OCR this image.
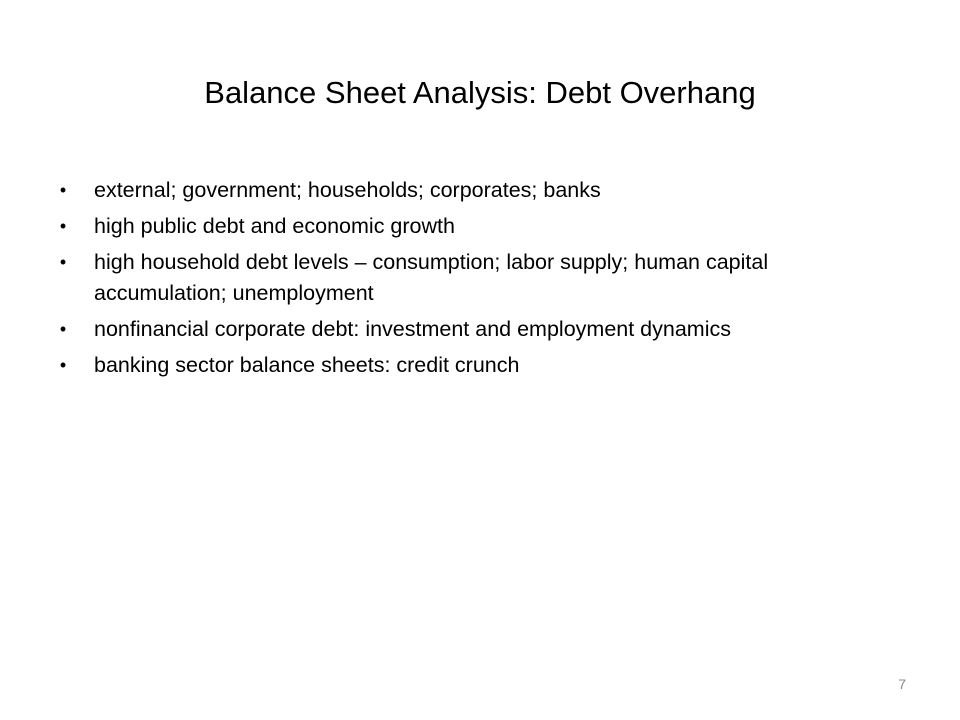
Balance Sheet Analysis: Debt Overhang
• external; government; households; corporates; banks
• high public debt and economic growth
• high household debt levels – consumption; labor supply; human capital accumulation; unemployment
• nonfinancial corporate debt: investment and employment dynamics
• banking sector balance sheets: credit crunch
7
